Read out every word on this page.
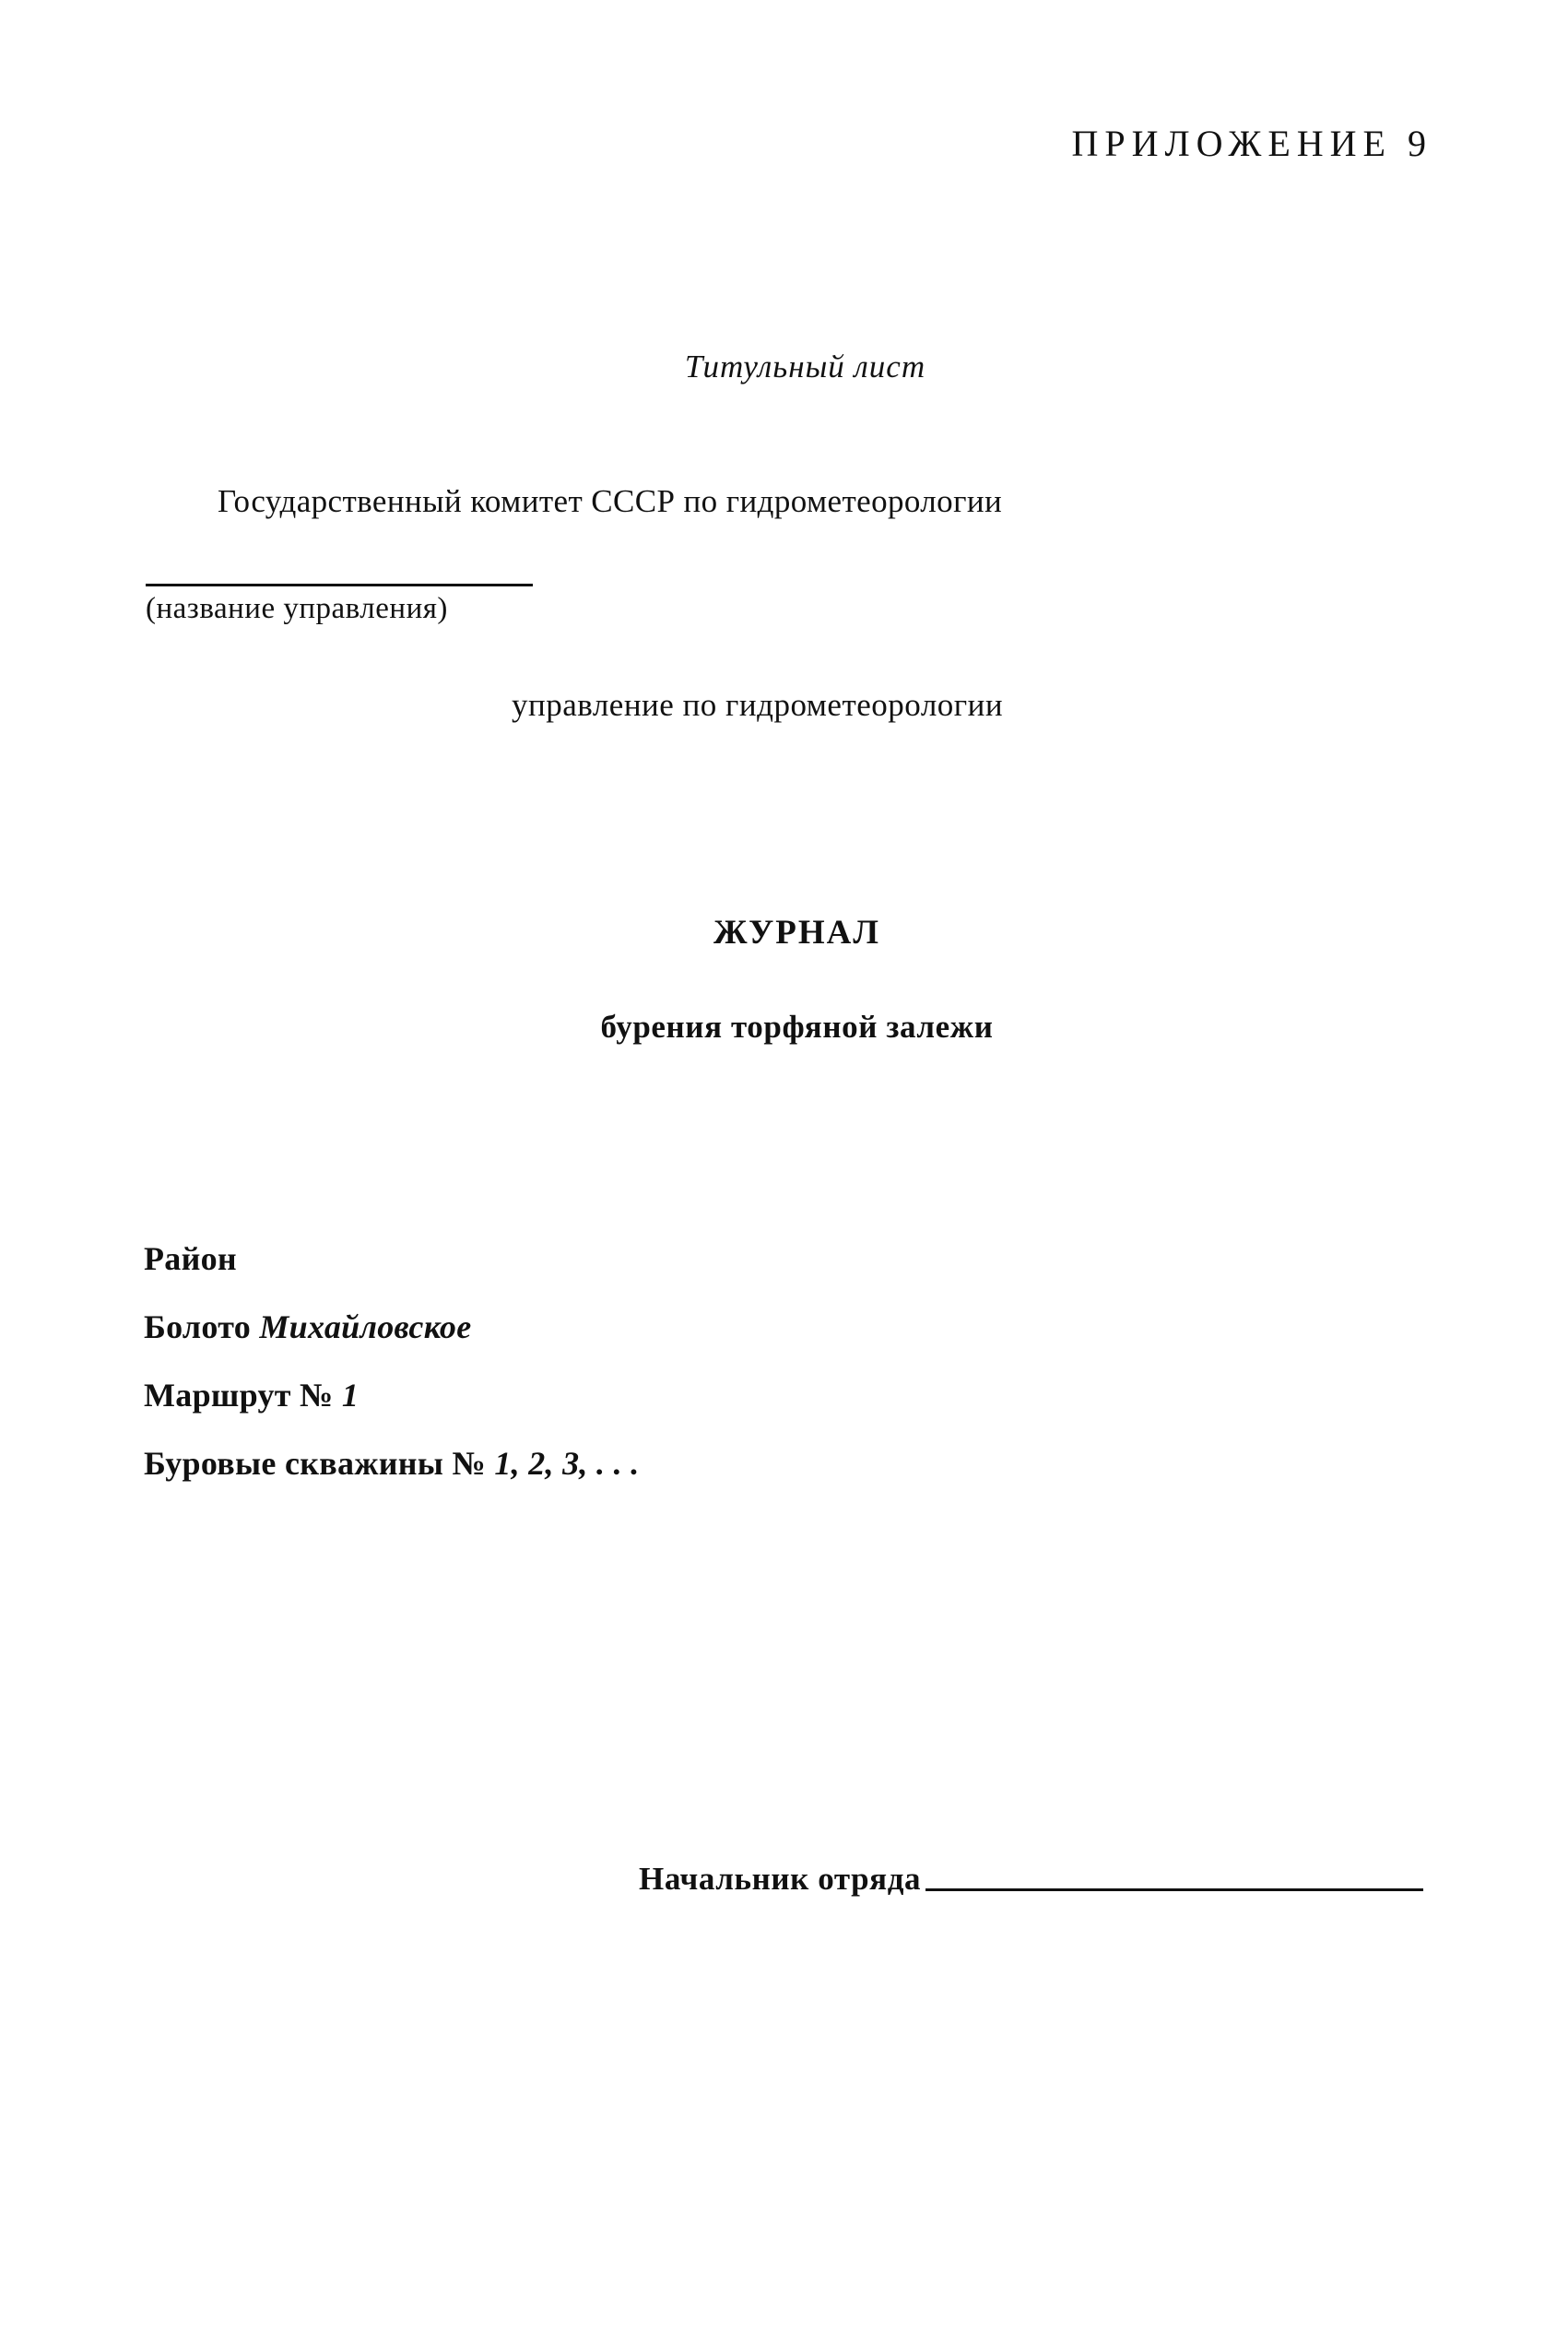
ПРИЛОЖЕНИЕ 9
Титульный лист
Государственный комитет СССР по гидрометеорологии
(название управления)
управление по гидрометеорологии
ЖУРНАЛ
бурения торфяной залежи
Район
Болото Михайловское
Маршрут № 1
Буровые скважины № 1, 2, 3, . . .
Начальник отряда
